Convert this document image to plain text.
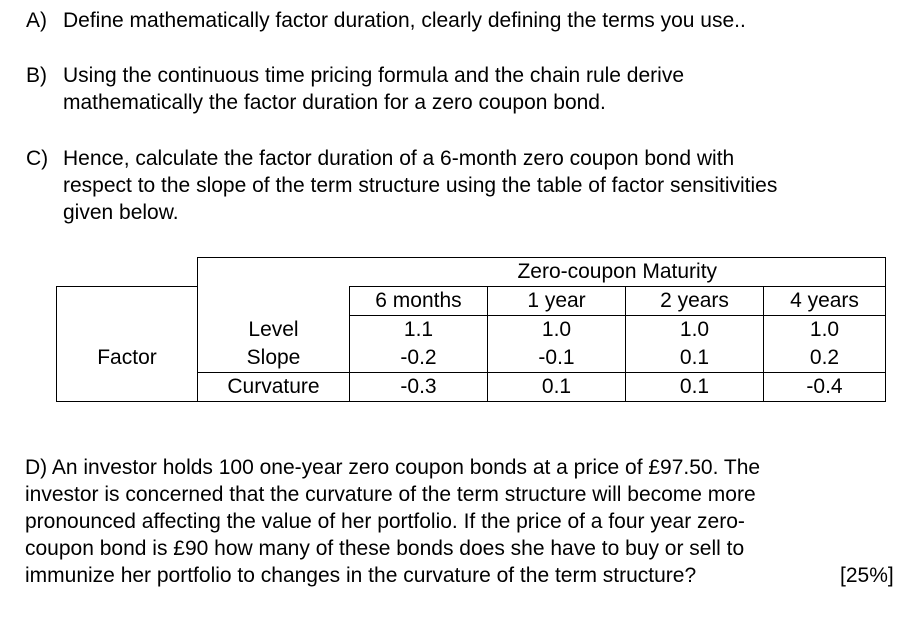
A) Define mathematically factor duration, clearly defining the terms you use..
B) Using the continuous time pricing formula and the chain rule derive
mathematically the factor duration for a zero coupon bond.
C) Hence, calculate the factor duration of a 6-month zero coupon bond with
respect to the slope of the term structure using the table of factor sensitivities
given below.
		Zero-coupon Maturity			
		6 months	1 year	2 years	4 years
Factor	Level	1.1	1.0	1.0	1.0
	Slope	-0.2	-0.1	0.1	0.2
	Curvature	-0.3	0.1	0.1	-0.4
D) An investor holds 100 one-year zero coupon bonds at a price of £97.50. The
investor is concerned that the curvature of the term structure will become more
pronounced affecting the value of her portfolio. If the price of a four year zero-
coupon bond is £90 how many of these bonds does she have to buy or sell to
immunize her portfolio to changes in the curvature of the term structure?	[25%]
